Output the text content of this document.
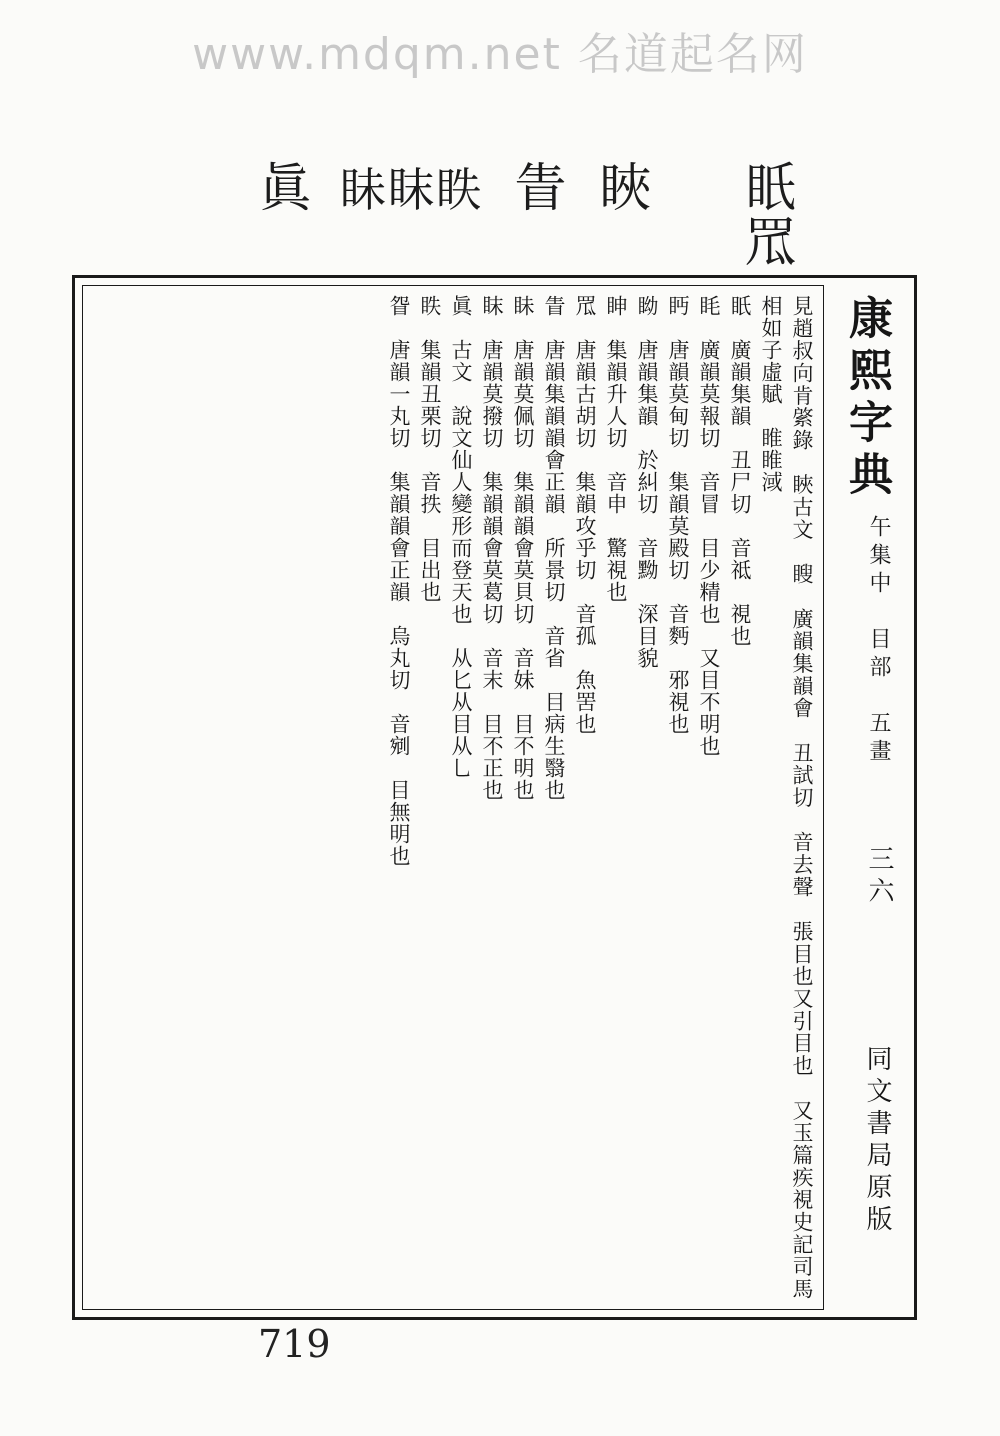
www.mdqm.net 名道起名网
眂
罛
䀹
眚
眛眜眣
眞
康熙字典
午集中　目部　五畫
三六
同文書局原版
見趙叔向肯綮錄　䀹古文　瞍　廣韻集韻會　丑試切　音去聲　張目也又引目也　又玉篇疾視史記司馬相如子虛賦　睢睢淢
眂　廣韻集韻　丑尸切　音祗　視也
眊　廣韻莫報切　音冒　目少精也　又目不明也
眄　唐韻莫甸切　集韻莫殿切　音麪　邪視也
眑　唐韻集韻　於糾切　音黝　深目貌
眒　集韻升人切　音申　驚視也
罛　唐韻古胡切　集韻攻乎切　音孤　魚罟也
眚　唐韻集韻韻會正韻　所景切　音省　目病生翳也
眛　唐韻莫佩切　集韻韻會莫貝切　音妹　目不明也
眜　唐韻莫撥切　集韻韻會莫葛切　音末　目不正也
眞　古文　說文仙人變形而登天也　从匕从目从乚
眣　集韻丑栗切　音抶　目出也
眢　唐韻一丸切　集韻韻會正韻　烏丸切　音剜　目無明也
719
